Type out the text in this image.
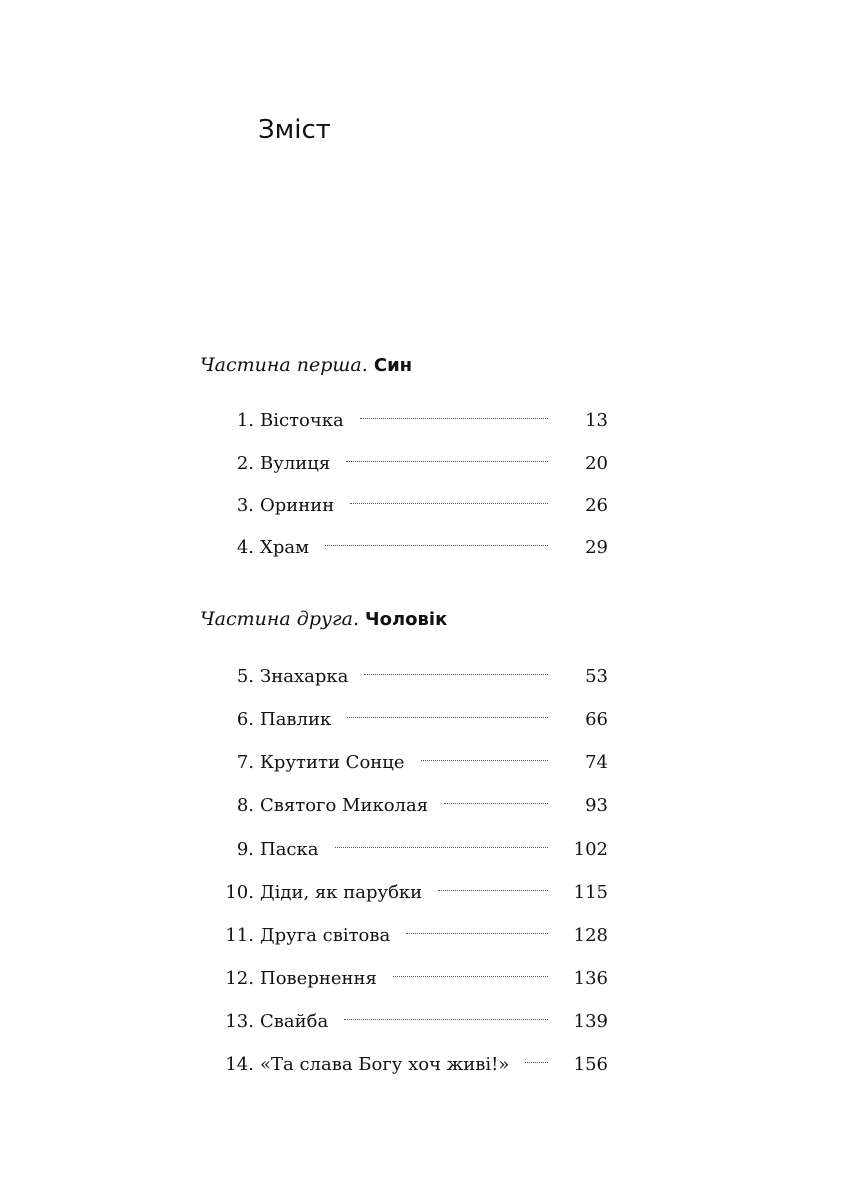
Зміст
Частина перша. Син
1. Вісточка	13
2. Вулиця	20
3. Оринин	26
4. Храм	29
Частина друга. Чоловік
5. Знахарка	53
6. Павлик	66
7. Крутити Сонце	74
8. Святого Миколая	93
9. Паска	102
10. Діди, як парубки	115
11. Друга світова	128
12. Повернення	136
13. Свайба	139
14. «Та слава Богу хоч живі!»	156
